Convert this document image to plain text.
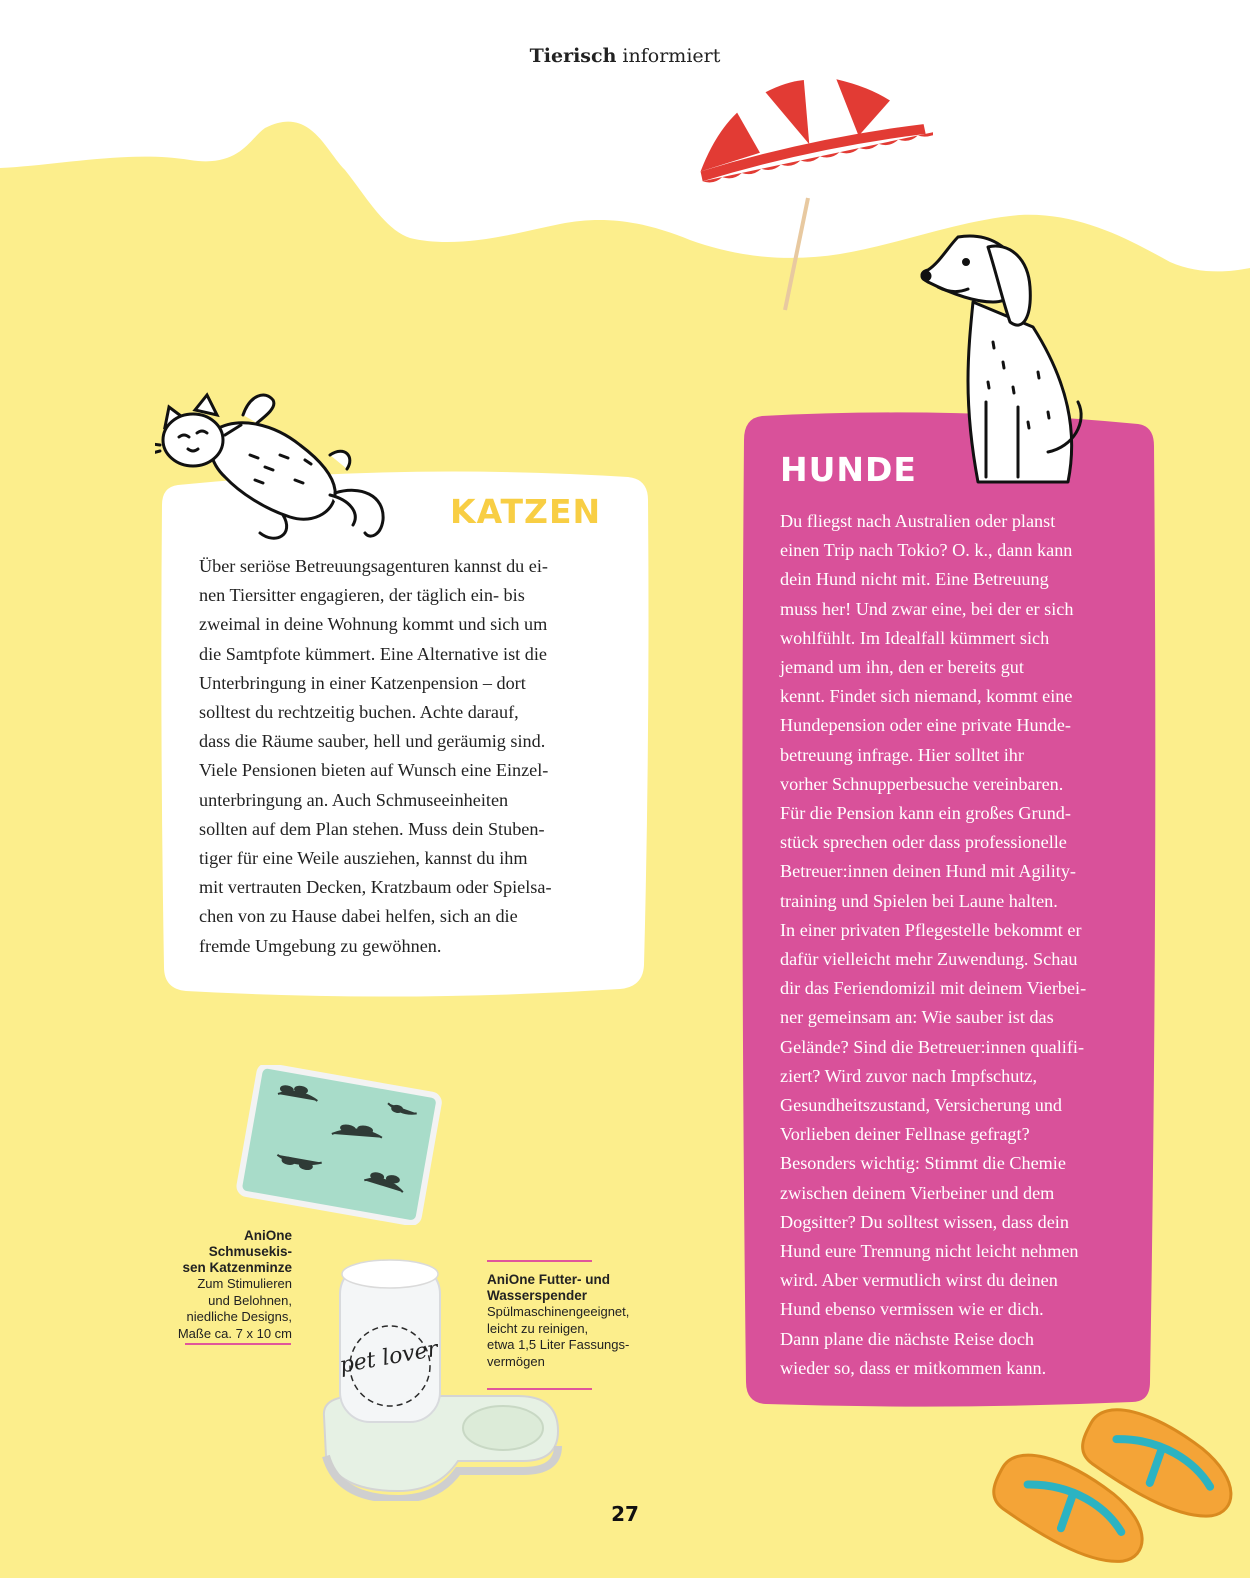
Tierisch informiert
KATZEN

Über seriöse Betreuungsagenturen kannst du ei-
nen Tiersitter engagieren, der täglich ein- bis
zweimal in deine Wohnung kommt und sich um
die Samtpfote kümmert. Eine Alternative ist die
Unterbringung in einer Katzenpension – dort
solltest du rechtzeitig buchen. Achte darauf,
dass die Räume sauber, hell und geräumig sind.
Viele Pensionen bieten auf Wunsch eine Einzel-
unterbringung an. Auch Schmuseeinheiten
sollten auf dem Plan stehen. Muss dein Stuben-
tiger für eine Weile ausziehen, kannst du ihm
mit vertrauten Decken, Kratzbaum oder Spielsa-
chen von zu Hause dabei helfen, sich an die
fremde Umgebung zu gewöhnen.

HUNDE

Du fliegst nach Australien oder planst
einen Trip nach Tokio? O. k., dann kann
dein Hund nicht mit. Eine Betreuung
muss her! Und zwar eine, bei der er sich
wohlfühlt. Im Idealfall kümmert sich
jemand um ihn, den er bereits gut
kennt. Findet sich niemand, kommt eine
Hundepension oder eine private Hunde-
betreuung infrage. Hier solltet ihr
vorher Schnupperbesuche vereinbaren.
Für die Pension kann ein großes Grund-
stück sprechen oder dass professionelle
Betreuer:innen deinen Hund mit Agility-
training und Spielen bei Laune halten.
In einer privaten Pflegestelle bekommt er
dafür vielleicht mehr Zuwendung. Schau
dir das Feriendomizil mit deinem Vierbei-
ner gemeinsam an: Wie sauber ist das
Gelände? Sind die Betreuer:innen qualifi-
ziert? Wird zuvor nach Impfschutz,
Gesundheitszustand, Versicherung und
Vorlieben deiner Fellnase gefragt?
Besonders wichtig: Stimmt die Chemie
zwischen deinem Vierbeiner und dem
Dogsitter? Du solltest wissen, dass dein
Hund eure Trennung nicht leicht nehmen
wird. Aber vermutlich wirst du deinen
Hund ebenso vermissen wie er dich.
Dann plane die nächste Reise doch
wieder so, dass er mitkommen kann.

AniOne Schmusekis-
sen Katzenminze
Zum Stimulieren
und Belohnen,
niedliche Designs,
Maße ca. 7 x 10 cm
pet lover
AniOne Futter- und
Wasserspender
Spülmaschinengeeignet,
leicht zu reinigen,
etwa 1,5 Liter Fassungs-
vermögen
27
